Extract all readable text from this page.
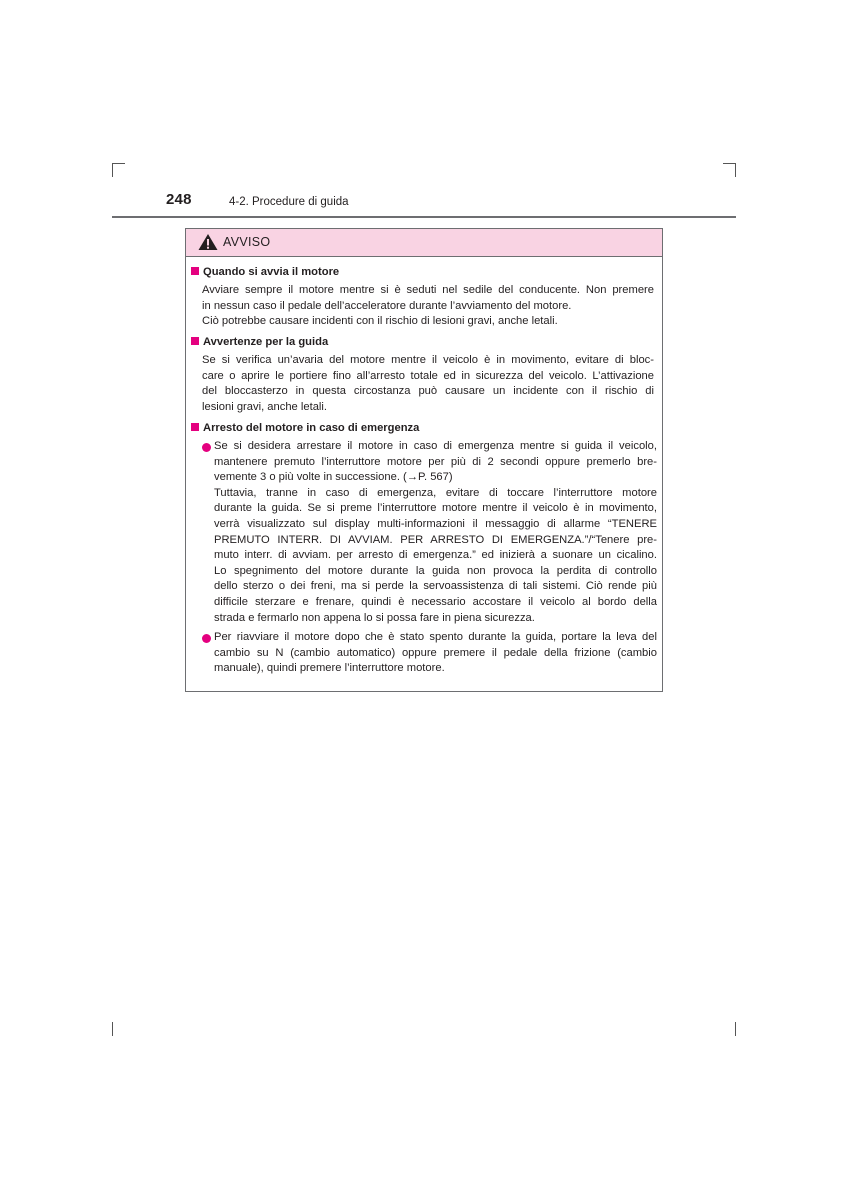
248	4-2. Procedure di guida
AVVISO
Quando si avvia il motore
Avviare sempre il motore mentre si è seduti nel sedile del conducente. Non premere
in nessun caso il pedale dell’acceleratore durante l’avviamento del motore.
Ciò potrebbe causare incidenti con il rischio di lesioni gravi, anche letali.
Avvertenze per la guida
Se si verifica un’avaria del motore mentre il veicolo è in movimento, evitare di bloc-
care o aprire le portiere fino all’arresto totale ed in sicurezza del veicolo. L’attivazione
del bloccasterzo in questa circostanza può causare un incidente con il rischio di
lesioni gravi, anche letali.
Arresto del motore in caso di emergenza
Se si desidera arrestare il motore in caso di emergenza mentre si guida il veicolo,
mantenere premuto l’interruttore motore per più di 2 secondi oppure premerlo bre-
vemente 3 o più volte in successione. (→P. 567)
Tuttavia, tranne in caso di emergenza, evitare di toccare l’interruttore motore
durante la guida. Se si preme l’interruttore motore mentre il veicolo è in movimento,
verrà visualizzato sul display multi-informazioni il messaggio di allarme “TENERE
PREMUTO INTERR. DI AVVIAM. PER ARRESTO DI EMERGENZA.”/“Tenere pre-
muto interr. di avviam. per arresto di emergenza.” ed inizierà a suonare un cicalino.
Lo spegnimento del motore durante la guida non provoca la perdita di controllo
dello sterzo o dei freni, ma si perde la servoassistenza di tali sistemi. Ciò rende più
difficile sterzare e frenare, quindi è necessario accostare il veicolo al bordo della
strada e fermarlo non appena lo si possa fare in piena sicurezza.
Per riavviare il motore dopo che è stato spento durante la guida, portare la leva del
cambio su N (cambio automatico) oppure premere il pedale della frizione (cambio
manuale), quindi premere l’interruttore motore.
